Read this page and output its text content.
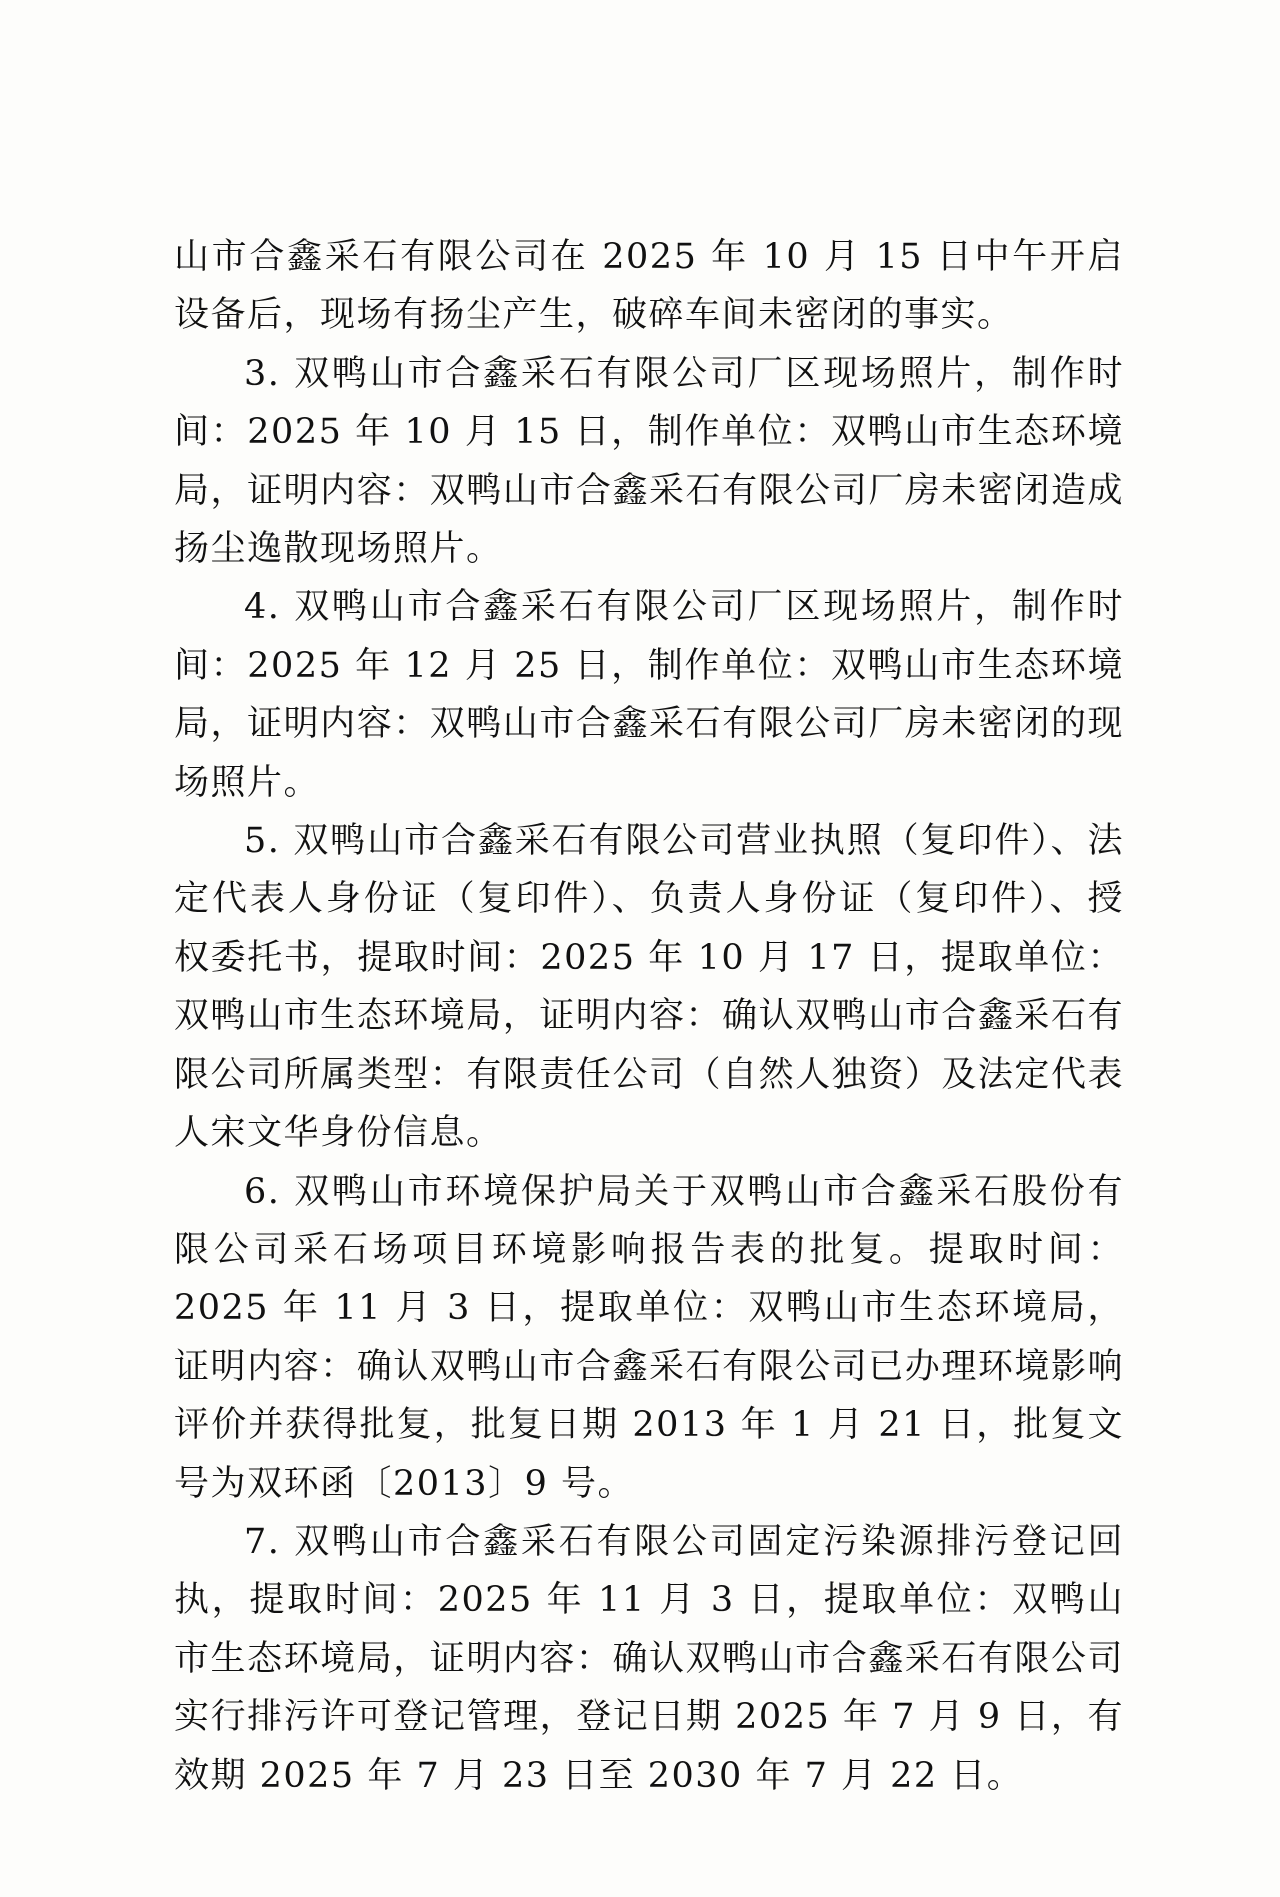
山市合鑫采石有限公司在 2025 年 10 月 15 日中午开启设备后，现场有扬尘产生，破碎车间未密闭的事实。

3. 双鸭山市合鑫采石有限公司厂区现场照片，制作时间：2025 年 10 月 15 日，制作单位：双鸭山市生态环境局，证明内容：双鸭山市合鑫采石有限公司厂房未密闭造成扬尘逸散现场照片。

4. 双鸭山市合鑫采石有限公司厂区现场照片，制作时间：2025 年 12 月 25 日，制作单位：双鸭山市生态环境局，证明内容：双鸭山市合鑫采石有限公司厂房未密闭的现场照片。

5. 双鸭山市合鑫采石有限公司营业执照（复印件）、法定代表人身份证（复印件）、负责人身份证（复印件）、授权委托书，提取时间：2025 年 10 月 17 日，提取单位：双鸭山市生态环境局，证明内容：确认双鸭山市合鑫采石有限公司所属类型：有限责任公司（自然人独资）及法定代表人宋文华身份信息。

6. 双鸭山市环境保护局关于双鸭山市合鑫采石股份有限公司采石场项目环境影响报告表的批复。提取时间：2025 年 11 月 3 日，提取单位：双鸭山市生态环境局，证明内容：确认双鸭山市合鑫采石有限公司已办理环境影响评价并获得批复，批复日期 2013 年 1 月 21 日，批复文号为双环函〔2013〕9 号。

7. 双鸭山市合鑫采石有限公司固定污染源排污登记回执，提取时间：2025 年 11 月 3 日，提取单位：双鸭山市生态环境局，证明内容：确认双鸭山市合鑫采石有限公司实行排污许可登记管理，登记日期 2025 年 7 月 9 日，有效期 2025 年 7 月 23 日至 2030 年 7 月 22 日。
